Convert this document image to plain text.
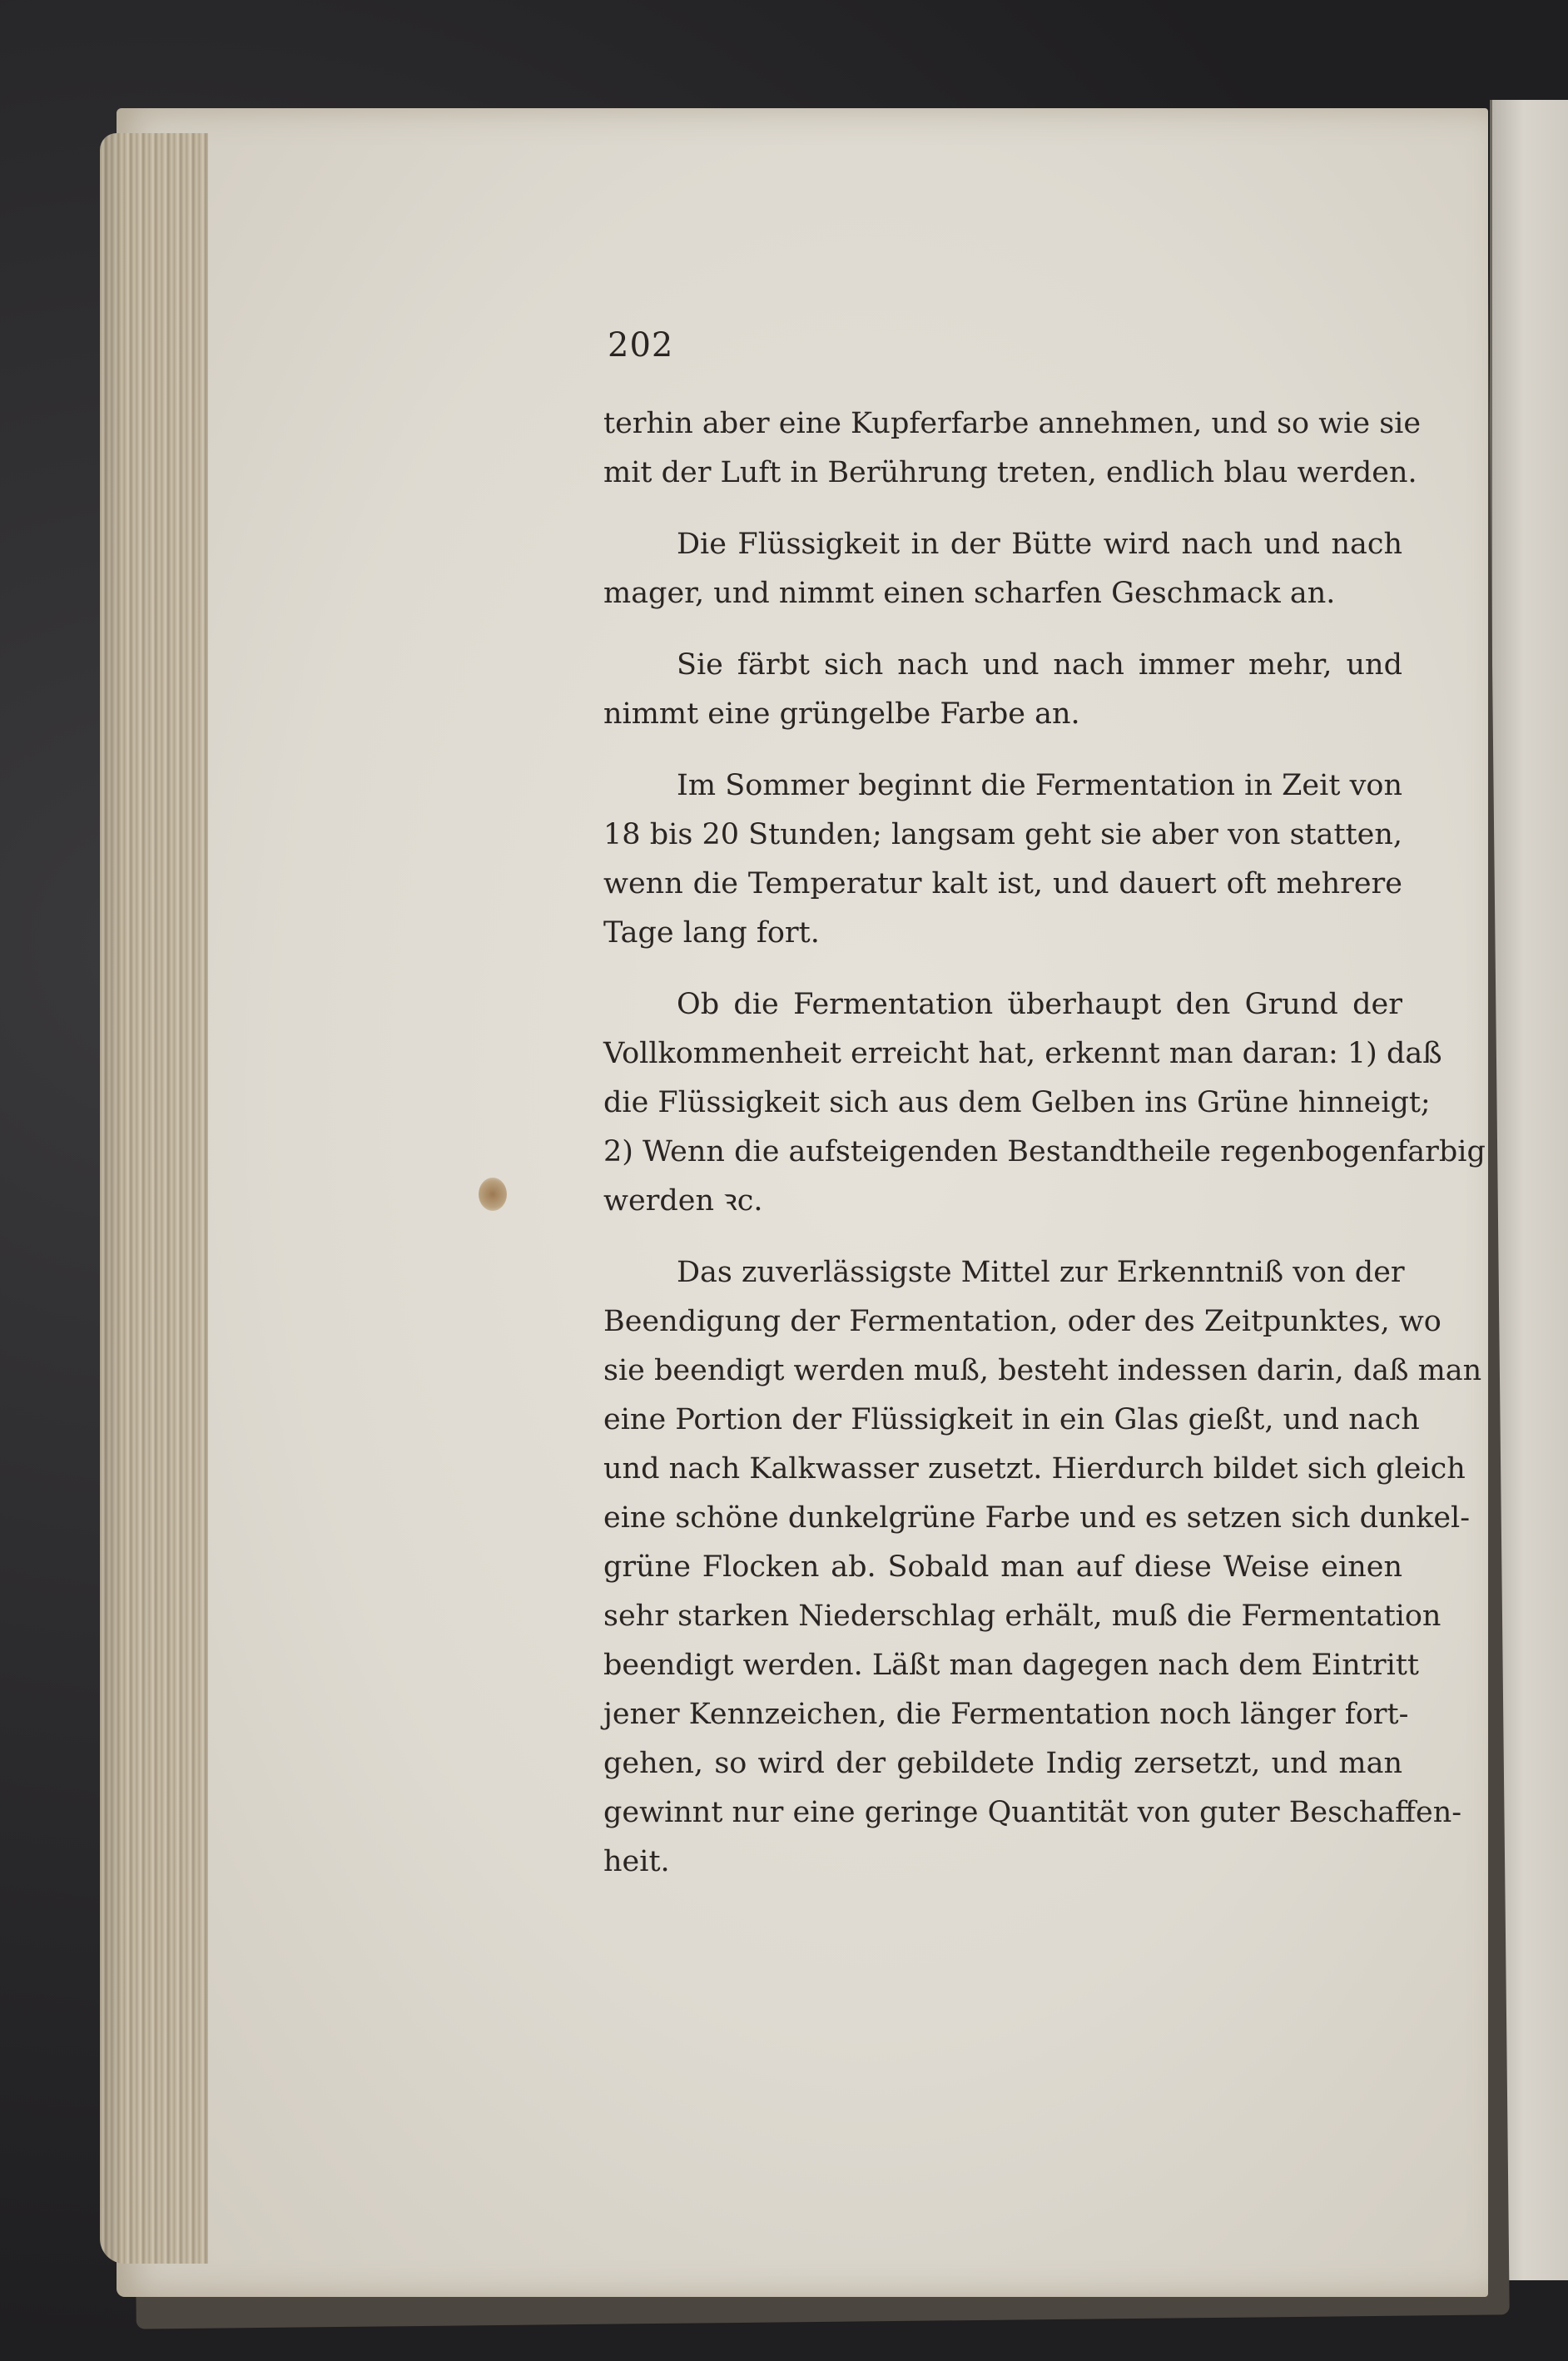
202
terhin aber eine Kupferfarbe annehmen, und so wie sie
mit der Luft in Berührung treten, endlich blau werden.
Die Flüssigkeit in der Bütte wird nach und nach
mager, und nimmt einen scharfen Geschmack an.
Sie färbt sich nach und nach immer mehr, und
nimmt eine grüngelbe Farbe an.
Im Sommer beginnt die Fermentation in Zeit von
18 bis 20 Stunden; langsam geht sie aber von statten,
wenn die Temperatur kalt ist, und dauert oft mehrere
Tage lang fort.
Ob die Fermentation überhaupt den Grund der
Vollkommenheit erreicht hat, erkennt man daran: 1) daß
die Flüssigkeit sich aus dem Gelben ins Grüne hinneigt;
2) Wenn die aufsteigenden Bestandtheile regenbogenfarbig
werden ꝛc.
Das zuverlässigste Mittel zur Erkenntniß von der
Beendigung der Fermentation, oder des Zeitpunktes, wo
sie beendigt werden muß, besteht indessen darin, daß man
eine Portion der Flüssigkeit in ein Glas gießt, und nach
und nach Kalkwasser zusetzt. Hierdurch bildet sich gleich
eine schöne dunkelgrüne Farbe und es setzen sich dunkel-
grüne Flocken ab. Sobald man auf diese Weise einen
sehr starken Niederschlag erhält, muß die Fermentation
beendigt werden. Läßt man dagegen nach dem Eintritt
jener Kennzeichen, die Fermentation noch länger fort-
gehen, so wird der gebildete Indig zersetzt, und man
gewinnt nur eine geringe Quantität von guter Beschaffen-
heit.
